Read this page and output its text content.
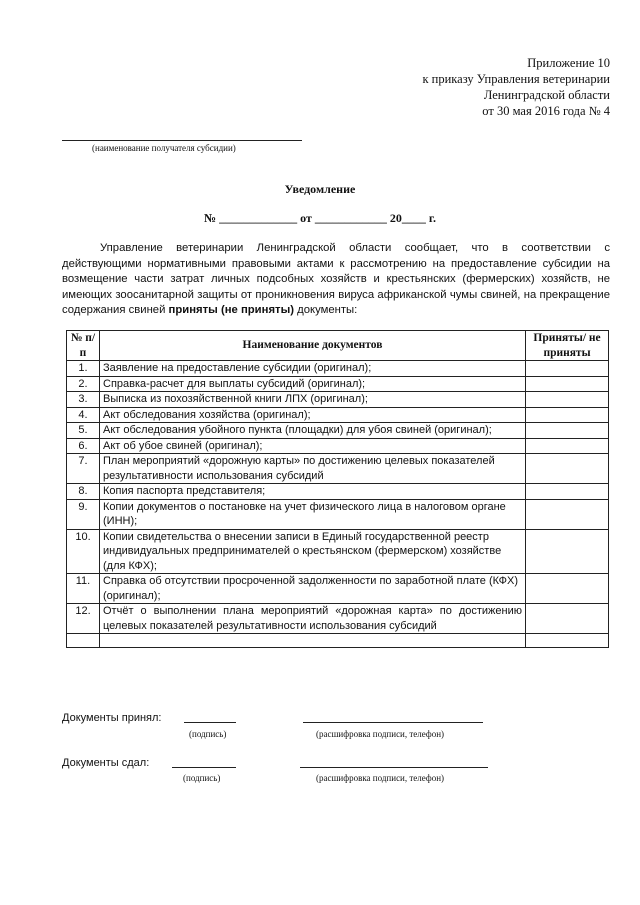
Приложение 10
к приказу Управления ветеринарии
Ленинградской области
от 30 мая 2016 года № 4
(наименование получателя субсидии)
Уведомление
№ _____________ от ____________ 20____ г.

Управление ветеринарии Ленинградской области сообщает, что в соответствии с действующими нормативными правовыми актами к рассмотрению на предоставление субсидии на возмещение части затрат личных подсобных хозяйств и крестьянских (фермерских) хозяйств, не имеющих зоосанитарной защиты от проникновения вируса африканской чумы свиней, на прекращение содержания свиней приняты (не приняты) документы:

№ п/п	Наименование документов	Приняты/ не приняты
1.	Заявление на предоставление субсидии (оригинал);	
2.	Справка-расчет для выплаты субсидий (оригинал);	
3.	Выписка из похозяйственной книги ЛПХ (оригинал);	
4.	Акт обследования хозяйства (оригинал);	
5.	Акт обследования убойного пункта (площадки) для убоя свиней (оригинал);	
6.	Акт об убое свиней (оригинал);	
7.	План мероприятий «дорожную карты» по достижению целевых показателей результативности использования субсидий	
8.	Копия паспорта представителя;	
9.	Копии документов о постановке на учет физического лица в налоговом органе (ИНН);	
10.	Копии свидетельства о внесении записи в Единый государственной реестр индивидуальных предпринимателей о крестьянском (фермерском) хозяйстве (для КФХ);	
11.	Справка об отсутствии просроченной задолженности по заработной плате (КФХ) (оригинал);	
12.	Отчёт о выполнении плана мероприятий «дорожная карта» по достижению целевых показателей результативности использования субсидий	

Документы принял:
(подпись)	(расшифровка подписи, телефон)
Документы сдал:
(подпись)	(расшифровка подписи, телефон)
